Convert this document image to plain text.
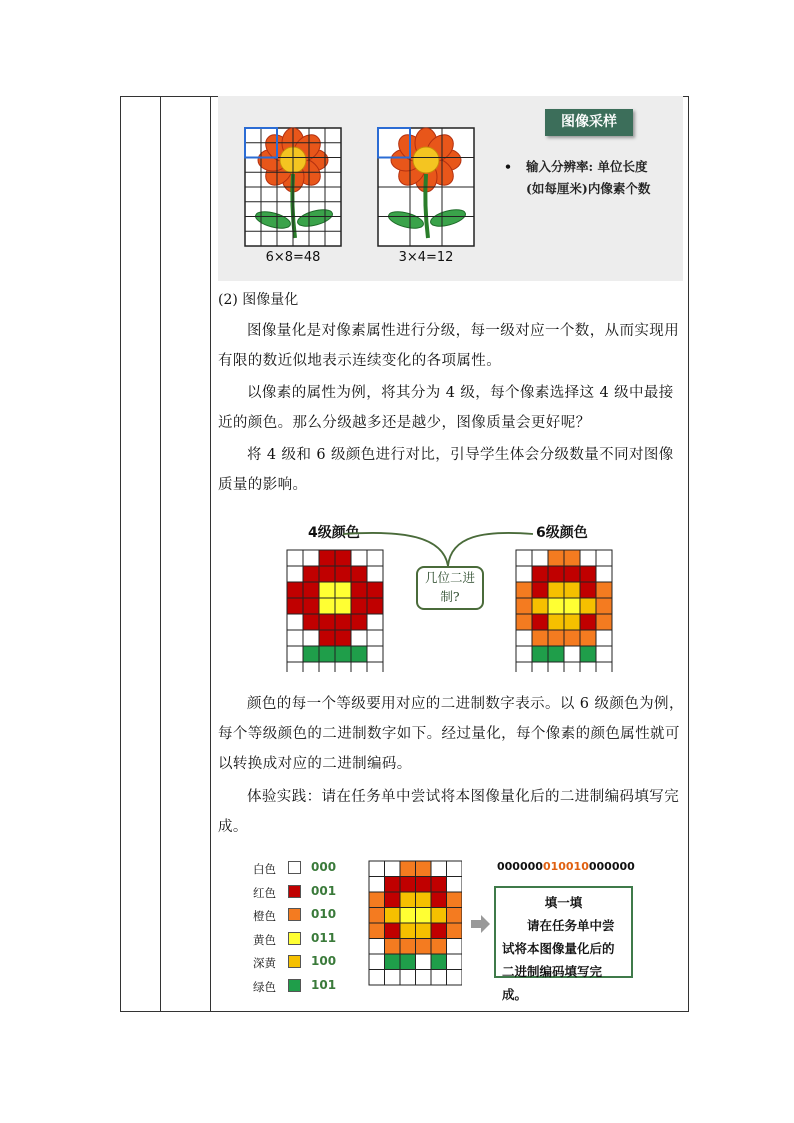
6×8=48	3×4=12
图像采样
• 输入分辨率: 单位长度(如每厘米)内像素个数
(2) 图像量化
图像量化是对像素属性进行分级，每一级对应一个数，从而实现用有限的数近似地表示连续变化的各项属性。
以像素的属性为例，将其分为 4 级，每个像素选择这 4 级中最接近的颜色。那么分级越多还是越少，图像质量会更好呢？
将 4 级和 6 级颜色进行对比，引导学生体会分级数量不同对图像质量的影响。
4级颜色	6级颜色
几位二进制?
颜色的每一个等级要用对应的二进制数字表示。以 6 级颜色为例，每个等级颜色的二进制数字如下。经过量化，每个像素的颜色属性就可以转换成对应的二进制编码。
体验实践：请在任务单中尝试将本图像量化后的二进制编码填写完成。
白色	000
红色	001
橙色	010
黄色	011
深黄	100
绿色	101
000000010010000000
填一填
请在任务单中尝试将本图像量化后的二进制编码填写完成。
